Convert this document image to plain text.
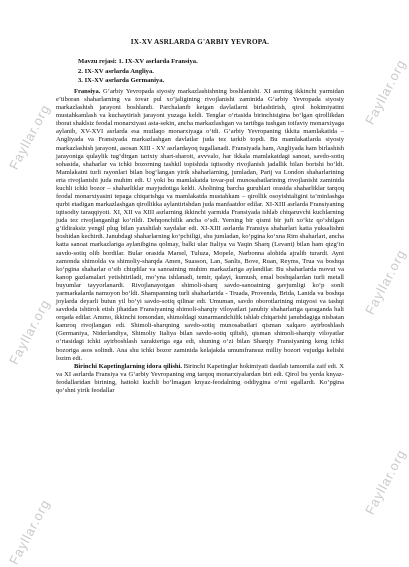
Fayllar.org
Fayllar.org
Fayllar.org
Fayllar.org
Fayllar.org
Fayllar.org
IX-XV ASRLARDA G'ARBIY YEVROPA.
Mavzu rejasi: 1. IX-XV asrlarda Fransiya.
2. IX-XV asrlarda Angliya.
3. IX-XV asrlarda Germaniya.

Fransiya. G‘arbiy Yevropada siyosiy markazlashishning boshlanishi. XI asrning ikkinchi yarmidan e’tiboran shaharlarning va tovar pul xo’jaligining rivojlanishi zaminida G‘arbiy Yevropada siyosiy markazlashish jarayoni boshlandi. Parchalanib ketgan davlatlarni birlashtirish, qirol hokimiyatini mustahkamlash va kuchaytirish jarayoni yuzaga keldi. Tenglar o‘rtasida birinchisigina bo‘lgan qirollikdan iborat shaklsiz feodal monarxiyasi asta-sekin, ancha markazlashgan va tartibga tushgan toifaviy monarxiyaga aylanib, XV-XVI asrlarda esa mutlaqo monarxiyaga o‘tdi. G‘arbiy Yevropaning ikkita mamlakatida – Angliyada va Fransiyada markazlashgan davlatlar juda tez tarkib topdi. Bu mamlakatlarda siyosiy markazlashish jarayoni, asosan XIII - XV asrlardayoq tugallanadi. Fransiyada ham, Angliyada ham birlashish jarayoniga qulaylik tug‘dirgan tarixiy shart-sharoit, avvvalo, har ikkala mamlakatdagi sanoat, savdo-sotiq sohasida, shaharlar va ichki bozorning tashkil topishida iqtisodiy rivojlanish jadallik bilan borishi bo‘ldi. Mamlakatni turli rayonlari bilan bog‘langan yirik shaharlarning, jumladan, Parij va London shaharlarining erta rivojlanishi juda muhim edi. U yoki bu mamlakatda tovar-pul munosabatlarining rivojlanishi zaminida kuchli ichki bozor – shaharliklar mayjudotiga keldi. Aholining barcha guruhlari orasida shaharliklar tarqoq feodal monarxiyasini tepaga chiqarishga va mamlakatda mustahkam – qirollik osoyishtaligini ta’minlashga qurbi etadigan markazlashgan qirollikka aylantirishdan juda manfaatdor edilar. XI-XIII asrlarda Fransiyaning iqtisodiy taraqqiyoti. XI, XII va XIII asrlarning ikkinchi yarmida Fransiyada ishlab chiqaruvchi kuchlarning juda tez rivojlanganligi ko‘rildi. Dehqonchilik ancha o‘sdi. Yerning bir qismi bir juft xo‘kiz qo‘shilgan g‘ildiraksiz yengil plug bilan yaxshilab xaydalar edi. XI-XIII asrlarda Fransiya shaharlari katta yuksalishni boshidan kechirdi. Janubdagi shaharlarning ko‘pchiligi, shu jumladan, ko‘pgina ko‘xna Rim shaharlari, ancha katta sanoat markazlariga aylanibgina qolmay, balki ular Italiya va Yaqin Sharq (Levant) bilan ham qizg‘in savdo-sotiq olib bordilar. Bular orasida Marsel, Tuluza, Mopele, Narbonna alohida ajralib turardi. Ayni zamonda shimolda va shimoliy-sharqda Amen, Suasson, Lan, Sanlis, Bove, Ruan, Reyms, Trua va boshqa ko‘pgina shaharlar o‘sib chiqdilar va sanoatning muhim markazlariga aylandilar. Bu shaharlarda movut va kanop gazlamalari yetishtiriladi, mo’yna ishlanadi, temir, qalayi, kumush, emal boshqalardan turli metall buyumlar tayyorlanardi. Rivojlanayotgan shimoli-sharq savdo-sanoatning gavjumligi ko‘p sonli yarmarkalarda namoyon bo‘ldi. Shampanning turli shaharlarida - Truada, Provenda, Brida, Lanida va boshqa joylarda deyarli butun yil bo‘yi savdo-sotiq qilinar edi. Umuman, savdo oborotlarining miqyosi va tashqi savdoda ishtirok etish jihatdan Fransiyaning shimoli-sharqiy viloyatlari janubiy shaharlariga qaraganda hali orqada edilar. Ammo, ikkinchi tomondan, shimoldagi xunarmandchilik ishlab chiqarishi janubdagiga nisbatan kamroq rivojlangan edi. Shimoli-sharqning savdo-sotiq munosabatlari qisman xalqaro ayirboshlash (Germaniya, Niderlandiya, Shimoliy Italiya bilan savdo-sotiq qilish), qisman shimoli-sharqiy viloyatlar o‘rtasidagi ichki ayirboshlash xarakteriga ega edi, shuning o‘zi bilan Sharqiy Fransiyaning keng ichki bozoriga asos solindi. Ana shu ichki bozor zaminida kelajakda umumfransuz milliy bozori vujudga kelishi lozim edi.

Birinchi Kapetinglarning idora qilishi. Birinchi Kapetinglar hokimiyati dastlab tamomila zaif edi. X va XI asrlarda Fransiya va G‘arbiy Yevropaning eng tarqoq monarxiyalardan biri edi. Qirol bu yerda knyaz-feodallaridan birining, hattoki kuchli bo‘lmagan knyaz-feodalning oddiygina o‘rni egallardi. Ko‘pgina qo‘shni yirik feodallar
